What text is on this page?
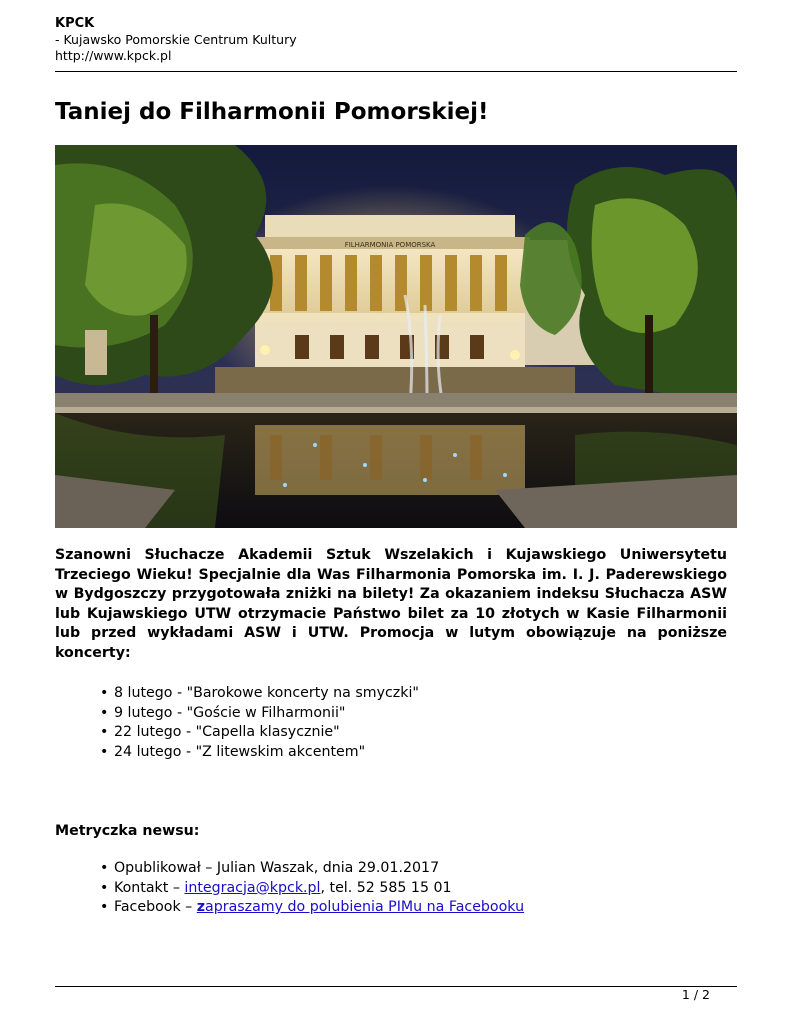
KPCK
- Kujawsko Pomorskie Centrum Kultury
http://www.kpck.pl
Taniej do Filharmonii Pomorskiej!
FILHARMONIA POMORSKA

Szanowni Słuchacze Akademii Sztuk Wszelakich i Kujawskiego Uniwersytetu Trzeciego Wieku! Specjalnie dla Was Filharmonia Pomorska im. I. J. Paderewskiego w Bydgoszczy przygotowała zniżki na bilety! Za okazaniem indeksu Słuchacza ASW lub Kujawskiego UTW otrzymacie Państwo bilet za 10 złotych w Kasie Filharmonii lub przed wykładami ASW i UTW. Promocja w lutym obowiązuje na poniższe koncerty:

• 8 lutego - "Barokowe koncerty na smyczki"
• 9 lutego - "Goście w Filharmonii"
• 22 lutego - "Capella klasycznie"
• 24 lutego - "Z litewskim akcentem"
Metryczka newsu:
• Opublikował – Julian Waszak, dnia 29.01.2017
• Kontakt – integracja@kpck.pl, tel. 52 585 15 01
• Facebook – zapraszamy do polubienia PIMu na Facebooku
1 / 2
